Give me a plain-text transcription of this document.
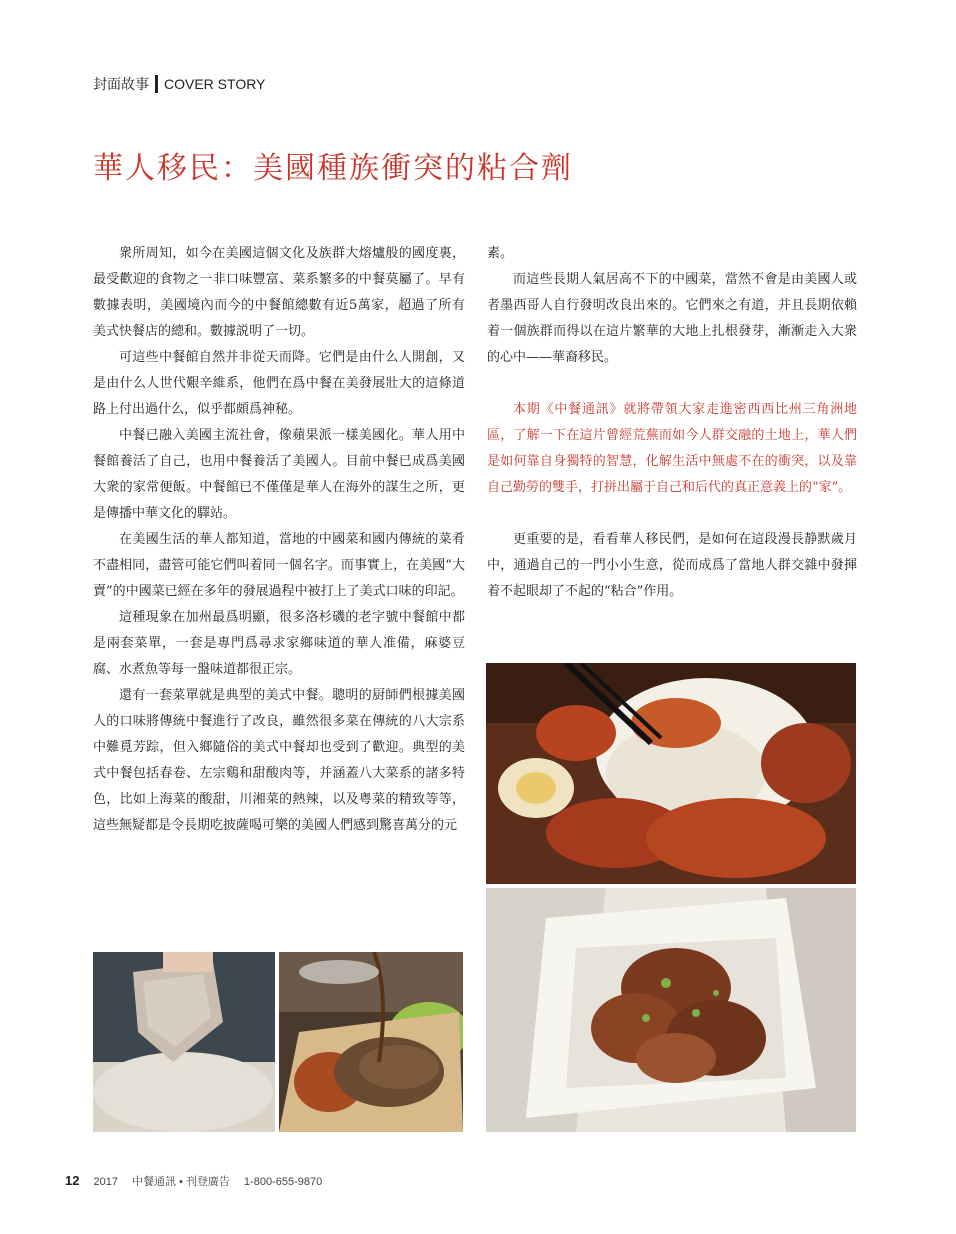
封面故事 COVER STORY
華人移民：美國種族衝突的粘合劑

衆所周知，如今在美國這個文化及族群大熔爐般的國度裏，最受歡迎的食物之一非口味豐富、菜系繁多的中餐莫屬了。早有數據表明，美國境內而今的中餐館總數有近5萬家，超過了所有美式快餐店的總和。數據説明了一切。

可這些中餐館自然并非從天而降。它們是由什么人開創，又是由什么人世代艱辛維系，他們在爲中餐在美發展壯大的這條道路上付出過什么，似乎都頗爲神秘。

中餐已融入美國主流社會，像蘋果派一樣美國化。華人用中餐館養活了自己，也用中餐養活了美國人。目前中餐已成爲美國大衆的家常便飯。中餐館已不僅僅是華人在海外的謀生之所，更是傳播中華文化的驛站。

在美國生活的華人都知道，當地的中國菜和國内傳統的菜肴不盡相同，盡管可能它們叫着同一個名字。而事實上，在美國“大賣”的中國菜已經在多年的發展過程中被打上了美式口味的印記。

這種現象在加州最爲明顯，很多洛杉磯的老字號中餐館中都是兩套菜單，一套是專門爲尋求家鄉味道的華人准備，麻婆豆腐、水煮魚等每一盤味道都很正宗。

還有一套菜單就是典型的美式中餐。聰明的厨師們根據美國人的口味將傳統中餐進行了改良，雖然很多菜在傳統的八大宗系中難覓芳踪，但入鄉隨俗的美式中餐却也受到了歡迎。典型的美式中餐包括春卷、左宗鷄和甜酸肉等，并涵蓋八大菜系的諸多特色，比如上海菜的酸甜，川湘菜的熱辣，以及粤菜的精致等等，這些無疑都是令長期吃披薩喝可樂的美國人們感到驚喜萬分的元

素。

而這些長期人氣居高不下的中國菜，當然不會是由美國人或者墨西哥人自行發明改良出來的。它們來之有道，并且長期依賴着一個族群而得以在這片繁華的大地上扎根發芽，漸漸走入大衆的心中——華裔移民。

本期《中餐通訊》就將帶領大家走進密西西比州三角洲地區，了解一下在這片曾經荒蕪而如今人群交融的土地上，華人們是如何靠自身獨特的智慧，化解生活中無處不在的衝突，以及靠自己勤勞的雙手，打拼出屬于自己和后代的真正意義上的“家”。

更重要的是，看看華人移民們，是如何在這段漫長静默歲月中，通過自己的一門小小生意，從而成爲了當地人群交雜中發揮着不起眼却了不起的“粘合”作用。

12 2017 中餐通訊 • 刊登廣告 1-800-655-9870
